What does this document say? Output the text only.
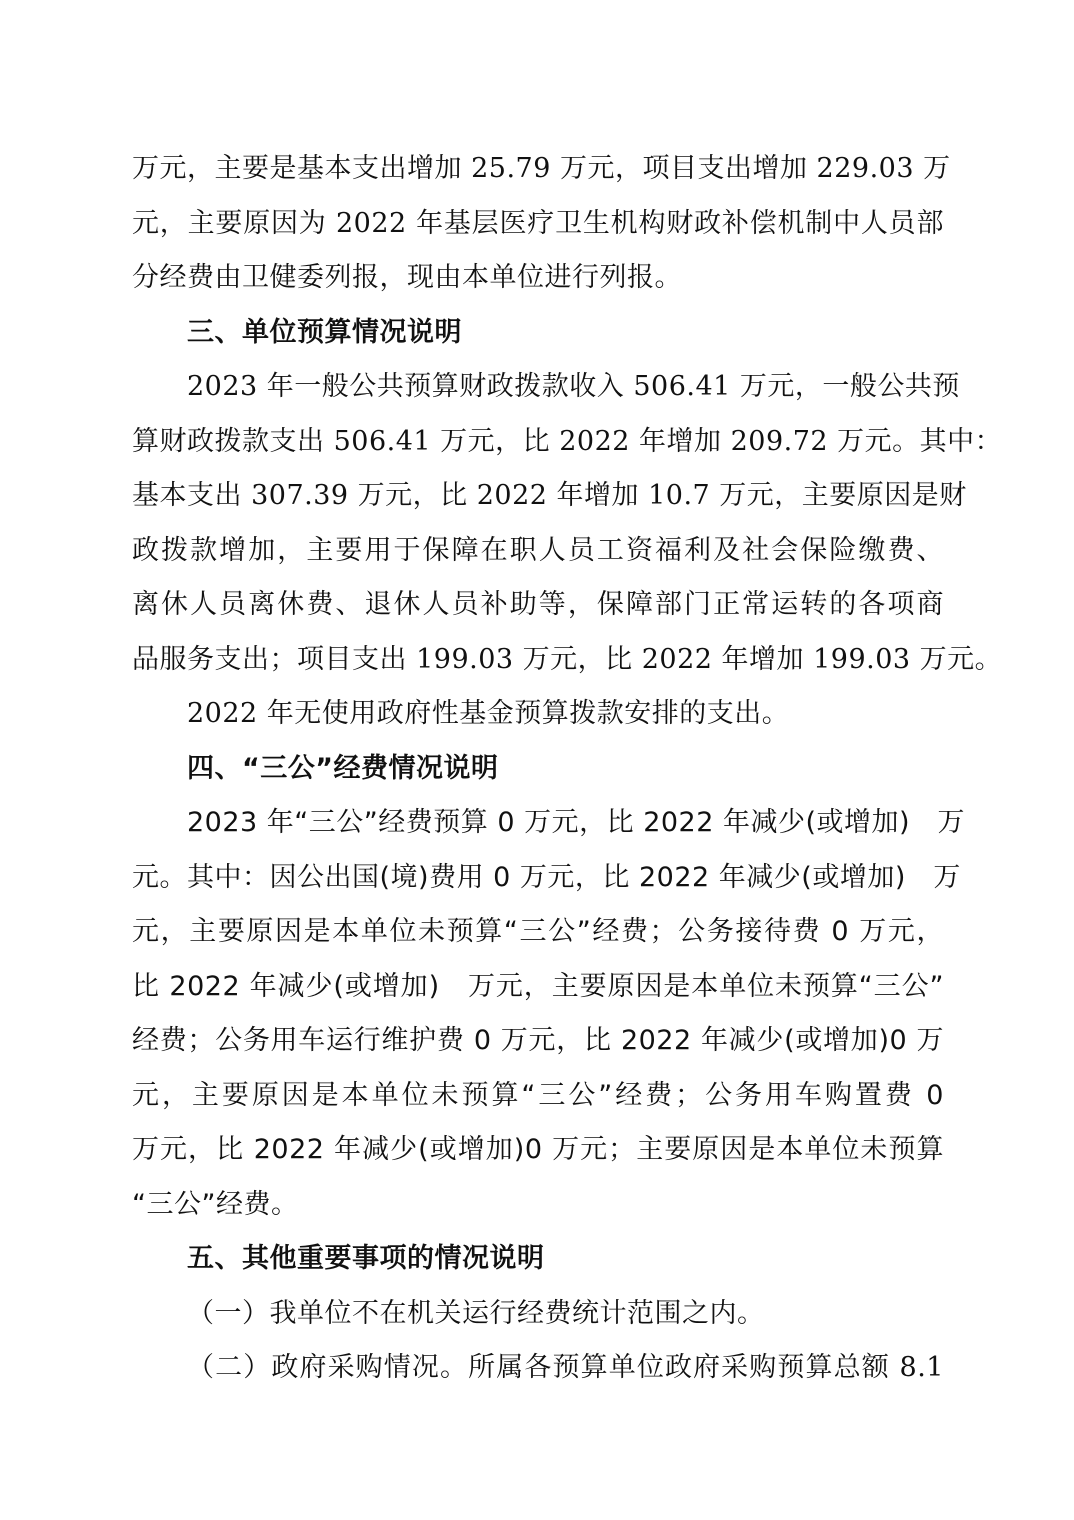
万元，主要是基本支出增加 25.79 万元，项目支出增加 229.03 万
元，主要原因为 2022 年基层医疗卫生机构财政补偿机制中人员部
分经费由卫健委列报，现由本单位进行列报。
三、单位预算情况说明
2023 年一般公共预算财政拨款收入 506.41 万元，一般公共预
算财政拨款支出 506.41 万元，比 2022 年增加 209.72 万元。其中：
基本支出 307.39 万元，比 2022 年增加 10.7 万元，主要原因是财
政拨款增加，主要用于保障在职人员工资福利及社会保险缴费、
离休人员离休费、退休人员补助等，保障部门正常运转的各项商
品服务支出；项目支出 199.03 万元，比 2022 年增加 199.03 万元。
2022 年无使用政府性基金预算拨款安排的支出。
四、“三公”经费情况说明
2023 年“三公”经费预算 0 万元，比 2022 年减少(或增加)　万
元。其中：因公出国(境)费用 0 万元，比 2022 年减少(或增加)　万
元，主要原因是本单位未预算“三公”经费；公务接待费 0 万元，
比 2022 年减少(或增加)　万元，主要原因是本单位未预算“三公”
经费；公务用车运行维护费 0 万元，比 2022 年减少(或增加)0 万
元，主要原因是本单位未预算“三公”经费；公务用车购置费 0
万元，比 2022 年减少(或增加)0 万元；主要原因是本单位未预算
“三公”经费。
五、其他重要事项的情况说明
（一）我单位不在机关运行经费统计范围之内。
（二）政府采购情况。所属各预算单位政府采购预算总额 8.1
